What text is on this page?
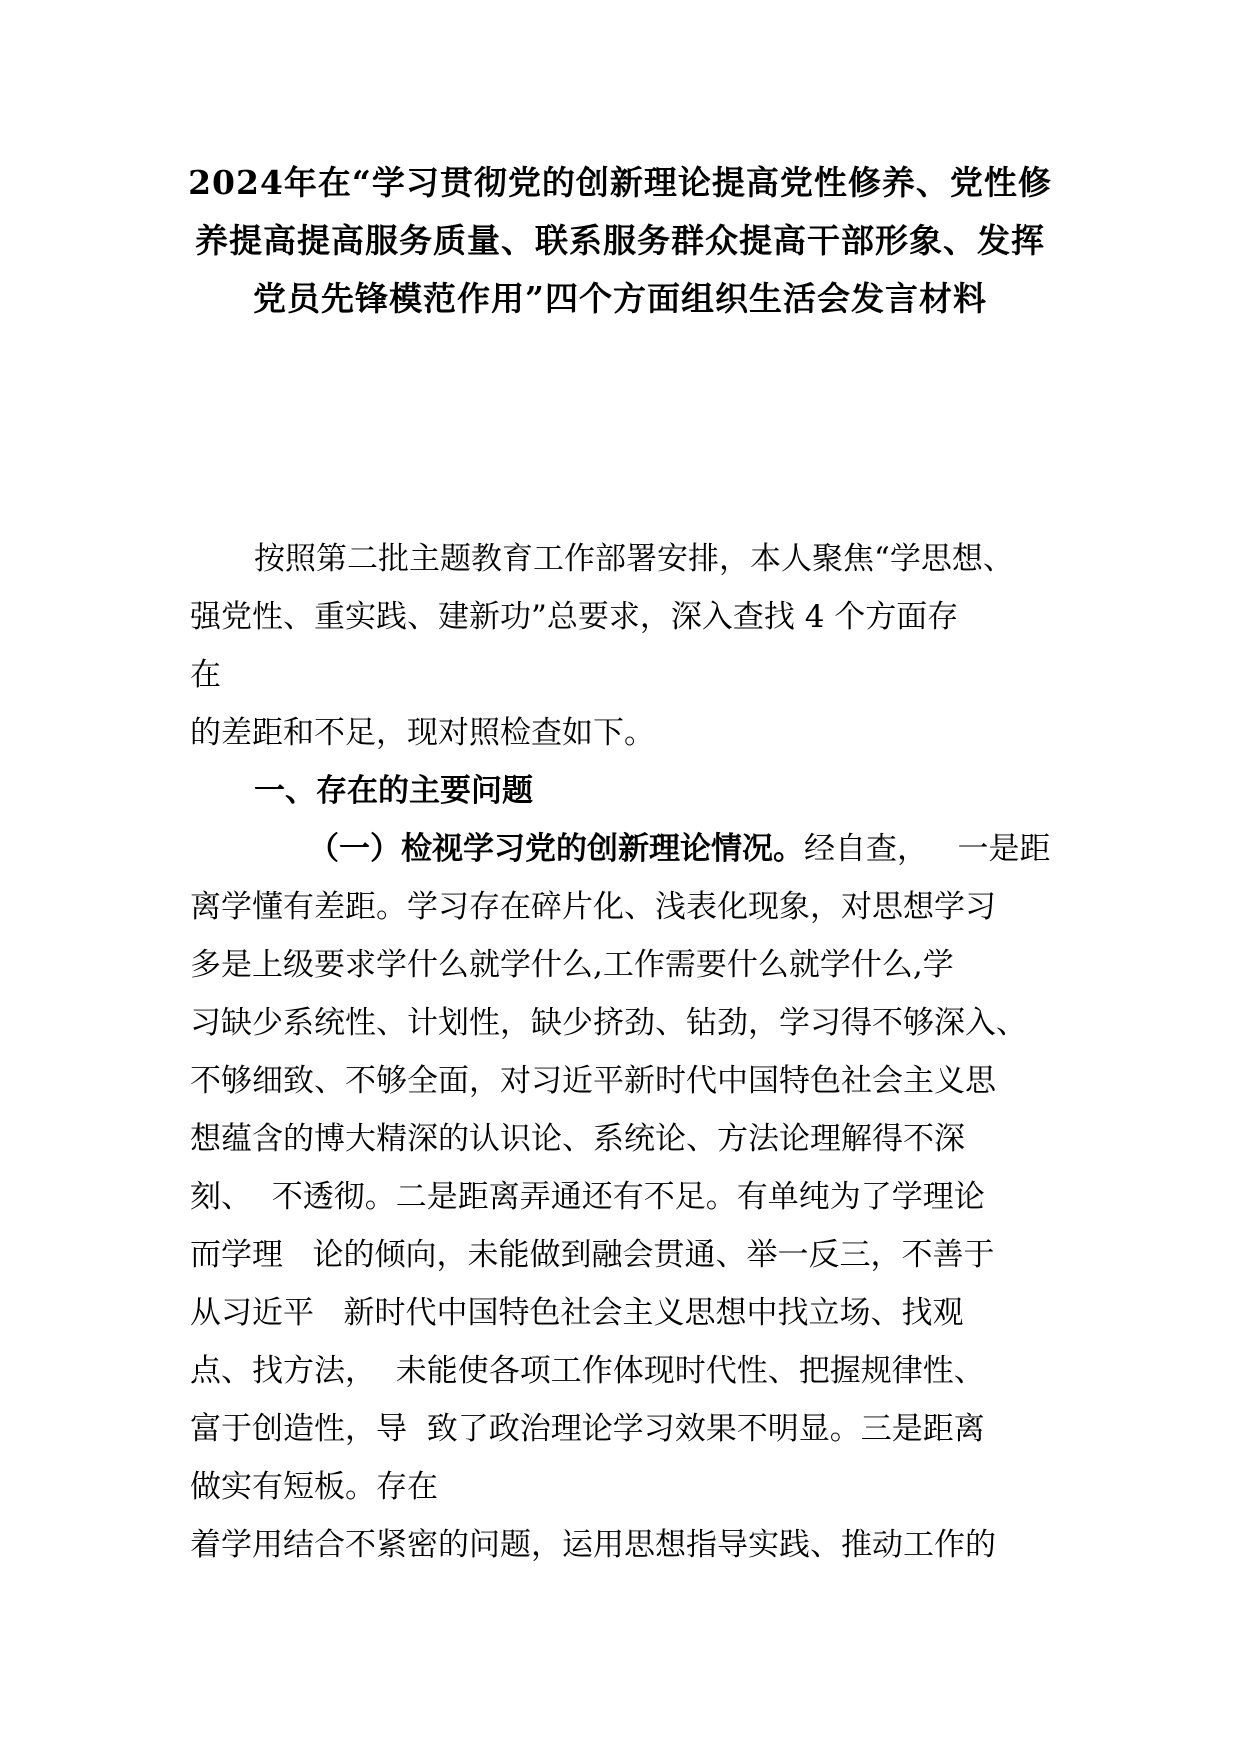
2024年在“学习贯彻党的创新理论提高党性修养、党性修
养提高提高服务质量、联系服务群众提高干部形象、发挥
党员先锋模范作用”四个方面组织生活会发言材料
按照第二批主题教育工作部署安排，本人聚焦“学思想、
强党性、重实践、建新功”总要求，深入查找 4 个方面存
在
的差距和不足，现对照检查如下。
一、存在的主要问题
（一）检视学习党的创新理论情况。经自查，   一是距
离学懂有差距。学习存在碎片化、浅表化现象，对思想学习
多是上级要求学什么就学什么,工作需要什么就学什么,学
习缺少系统性、计划性，缺少挤劲、钻劲，学习得不够深入、
不够细致、不够全面，对习近平新时代中国特色社会主义思
想蕴含的博大精深的认识论、系统论、方法论理解得不深
刻、  不透彻。二是距离弄通还有不足。有单纯为了学理论
而学理   论的倾向，未能做到融会贯通、举一反三，不善于
从习近平   新时代中国特色社会主义思想中找立场、找观
点、找方法，  未能使各项工作体现时代性、把握规律性、
富于创造性，导  致了政治理论学习效果不明显。三是距离
做实有短板。存在
着学用结合不紧密的问题，运用思想指导实践、推动工作的
